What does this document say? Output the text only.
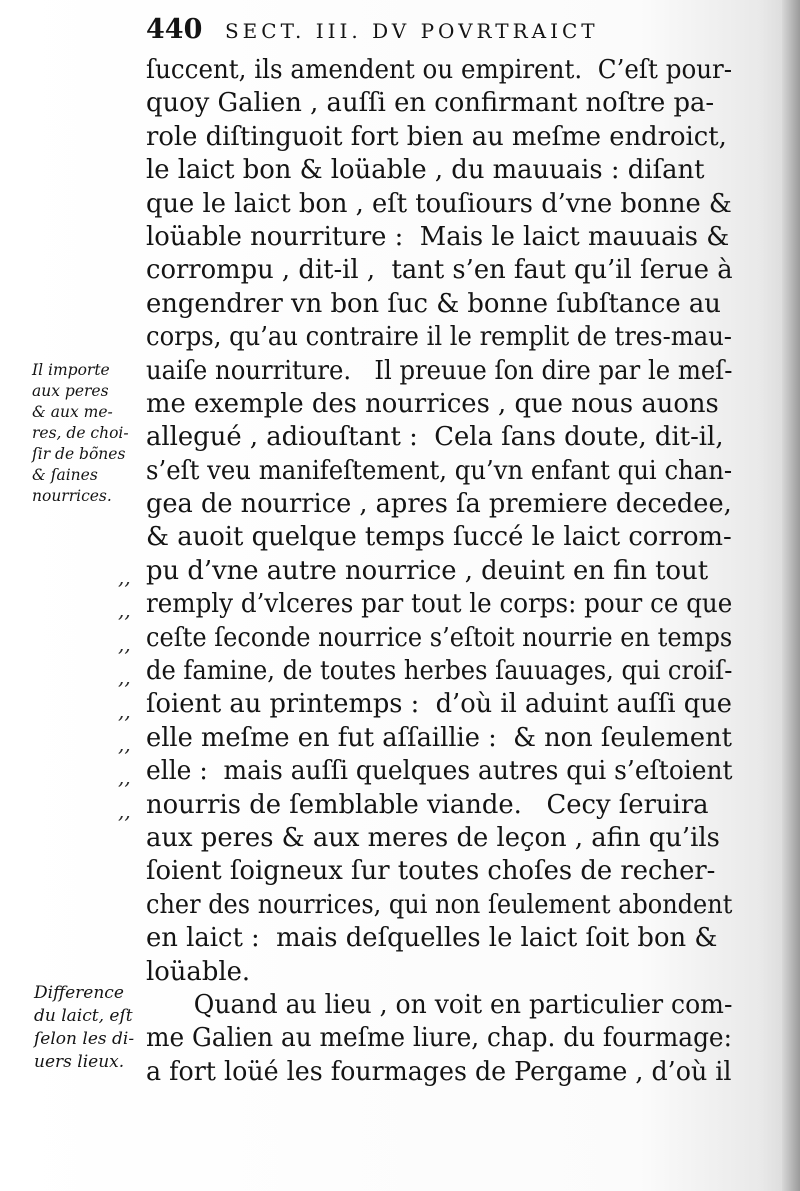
440 SECT. III. DV POVRTRAICT
ſuccent, ils amendent ou empirent.  C’eſt pour-
quoy Galien , auſſi en confirmant noſtre pa-
role diſtinguoit fort bien au meſme endroict,
le laict bon & loüable , du mauuais : diſant
que le laict bon , eſt touſiours d’vne bonne &
loüable nourriture :  Mais le laict mauuais &
corrompu , dit-il ,  tant s’en faut qu’il ſerue à
engendrer vn bon ſuc & bonne ſubſtance au
corps, qu’au contraire il le remplit de tres-mau-
uaiſe nourriture.   Il preuue ſon dire par le meſ-
me exemple des nourrices , que nous auons
allegué , adiouſtant :  Cela ſans doute, dit-il,
s’eſt veu manifeſtement, qu’vn enfant qui chan-
gea de nourrice , apres ſa premiere decedee,
& auoit quelque temps ſuccé le laict corrom-
pu d’vne autre nourrice , deuint en fin tout
remply d’vlceres par tout le corps: pour ce que
ceſte ſeconde nourrice s’eſtoit nourrie en temps
de famine, de toutes herbes ſauuages, qui croiſ-
ſoient au printemps :  d’où il aduint auſſi que
elle meſme en fut aſſaillie :  & non ſeulement
elle :  mais auſſi quelques autres qui s’eſtoient
nourris de ſemblable viande.   Cecy ſeruira
aux peres & aux meres de leçon , afin qu’ils
ſoient ſoigneux ſur toutes choſes de recher-
cher des nourrices, qui non ſeulement abondent
en laict :  mais deſquelles le laict ſoit bon &
loüable.
Quand au lieu , on voit en particulier com-
me Galien au meſme liure, chap. du fourmage:
a fort loüé les fourmages de Pergame , d’où il
,,
,,
,,
,,
,,
,,
,,
,,
Il importe
aux peres
& aux me-
res, de choi-
ſir de bõnes
& ſaines
nourrices.
Difference
du laict, eſt
ſelon les di-
uers lieux.
